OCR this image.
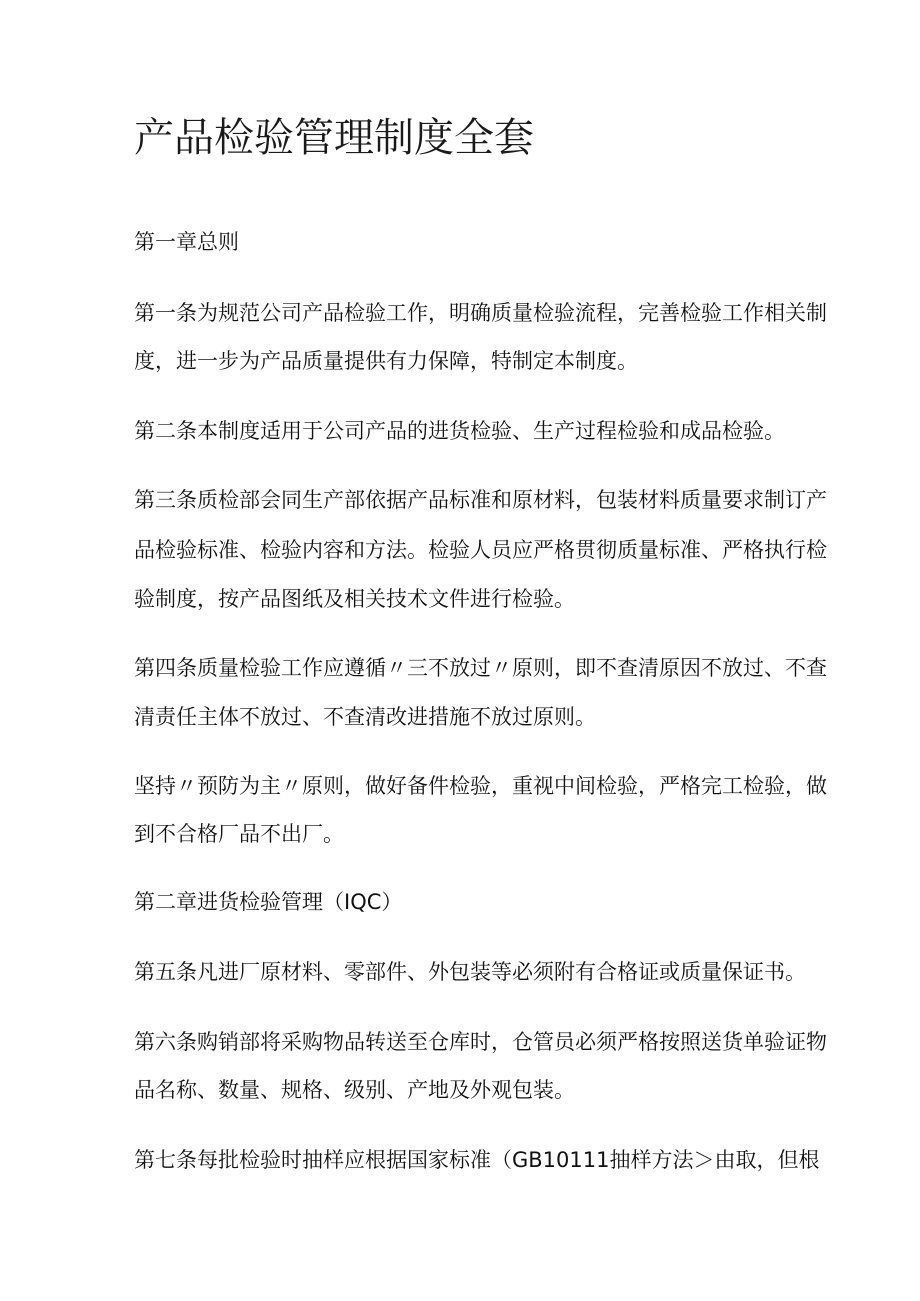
产品检验管理制度全套

第一章总则

第一条为规范公司产品检验工作，明确质量检验流程，完善检验工作相关制

度，进一步为产品质量提供有力保障，特制定本制度。

第二条本制度适用于公司产品的进货检验、生产过程检验和成品检验。

第三条质检部会同生产部依据产品标准和原材料，包装材料质量要求制订产

品检验标准、检验内容和方法。检验人员应严格贯彻质量标准、严格执行检

验制度，按产品图纸及相关技术文件进行检验。

第四条质量检验工作应遵循〃三不放过〃原则，即不查清原因不放过、不查

清责任主体不放过、不查清改进措施不放过原则。

坚持〃预防为主〃原则，做好备件检验，重视中间检验，严格完工检验，做

到不合格厂品不出厂。

第二章进货检验管理（IQC）

第五条凡进厂原材料、零部件、外包装等必须附有合格证或质量保证书。

第六条购销部将采购物品转送至仓库时，仓管员必须严格按照送货单验证物

品名称、数量、规格、级别、产地及外观包装。

第七条每批检验时抽样应根据国家标准（GB10111抽样方法＞由取，但根
